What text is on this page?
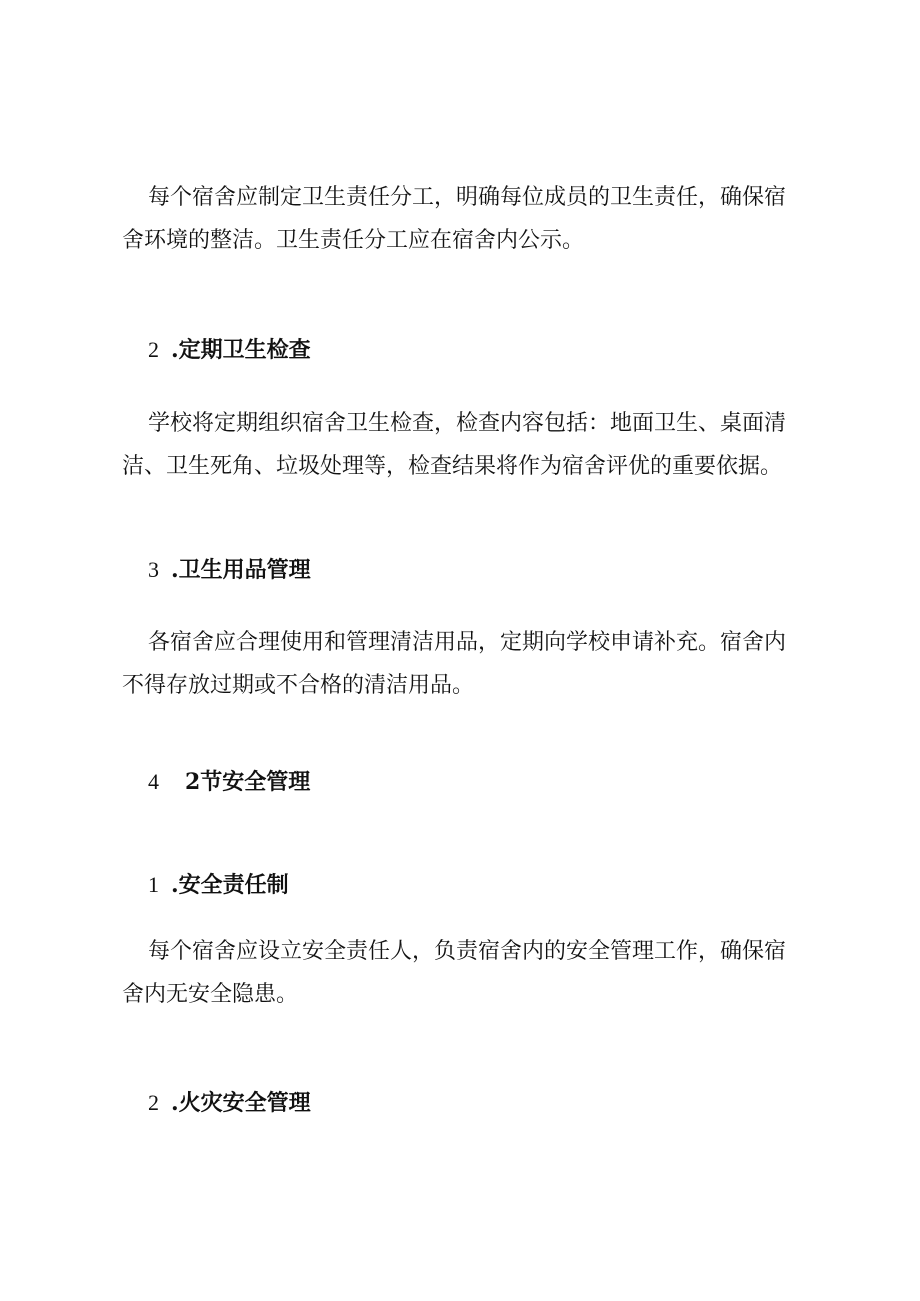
每个宿舍应制定卫生责任分工，明确每位成员的卫生责任，确保宿
舍环境的整洁。卫生责任分工应在宿舍内公示。

2 .定期卫生检查

学校将定期组织宿舍卫生检查，检查内容包括：地面卫生、桌面清
洁、卫生死角、垃圾处理等，检查结果将作为宿舍评优的重要依据。

3 .卫生用品管理

各宿舍应合理使用和管理清洁用品，定期向学校申请补充。宿舍内
不得存放过期或不合格的清洁用品。

4 2节安全管理
1 .安全责任制

每个宿舍应设立安全责任人，负责宿舍内的安全管理工作，确保宿
舍内无安全隐患。

2 .火灾安全管理
